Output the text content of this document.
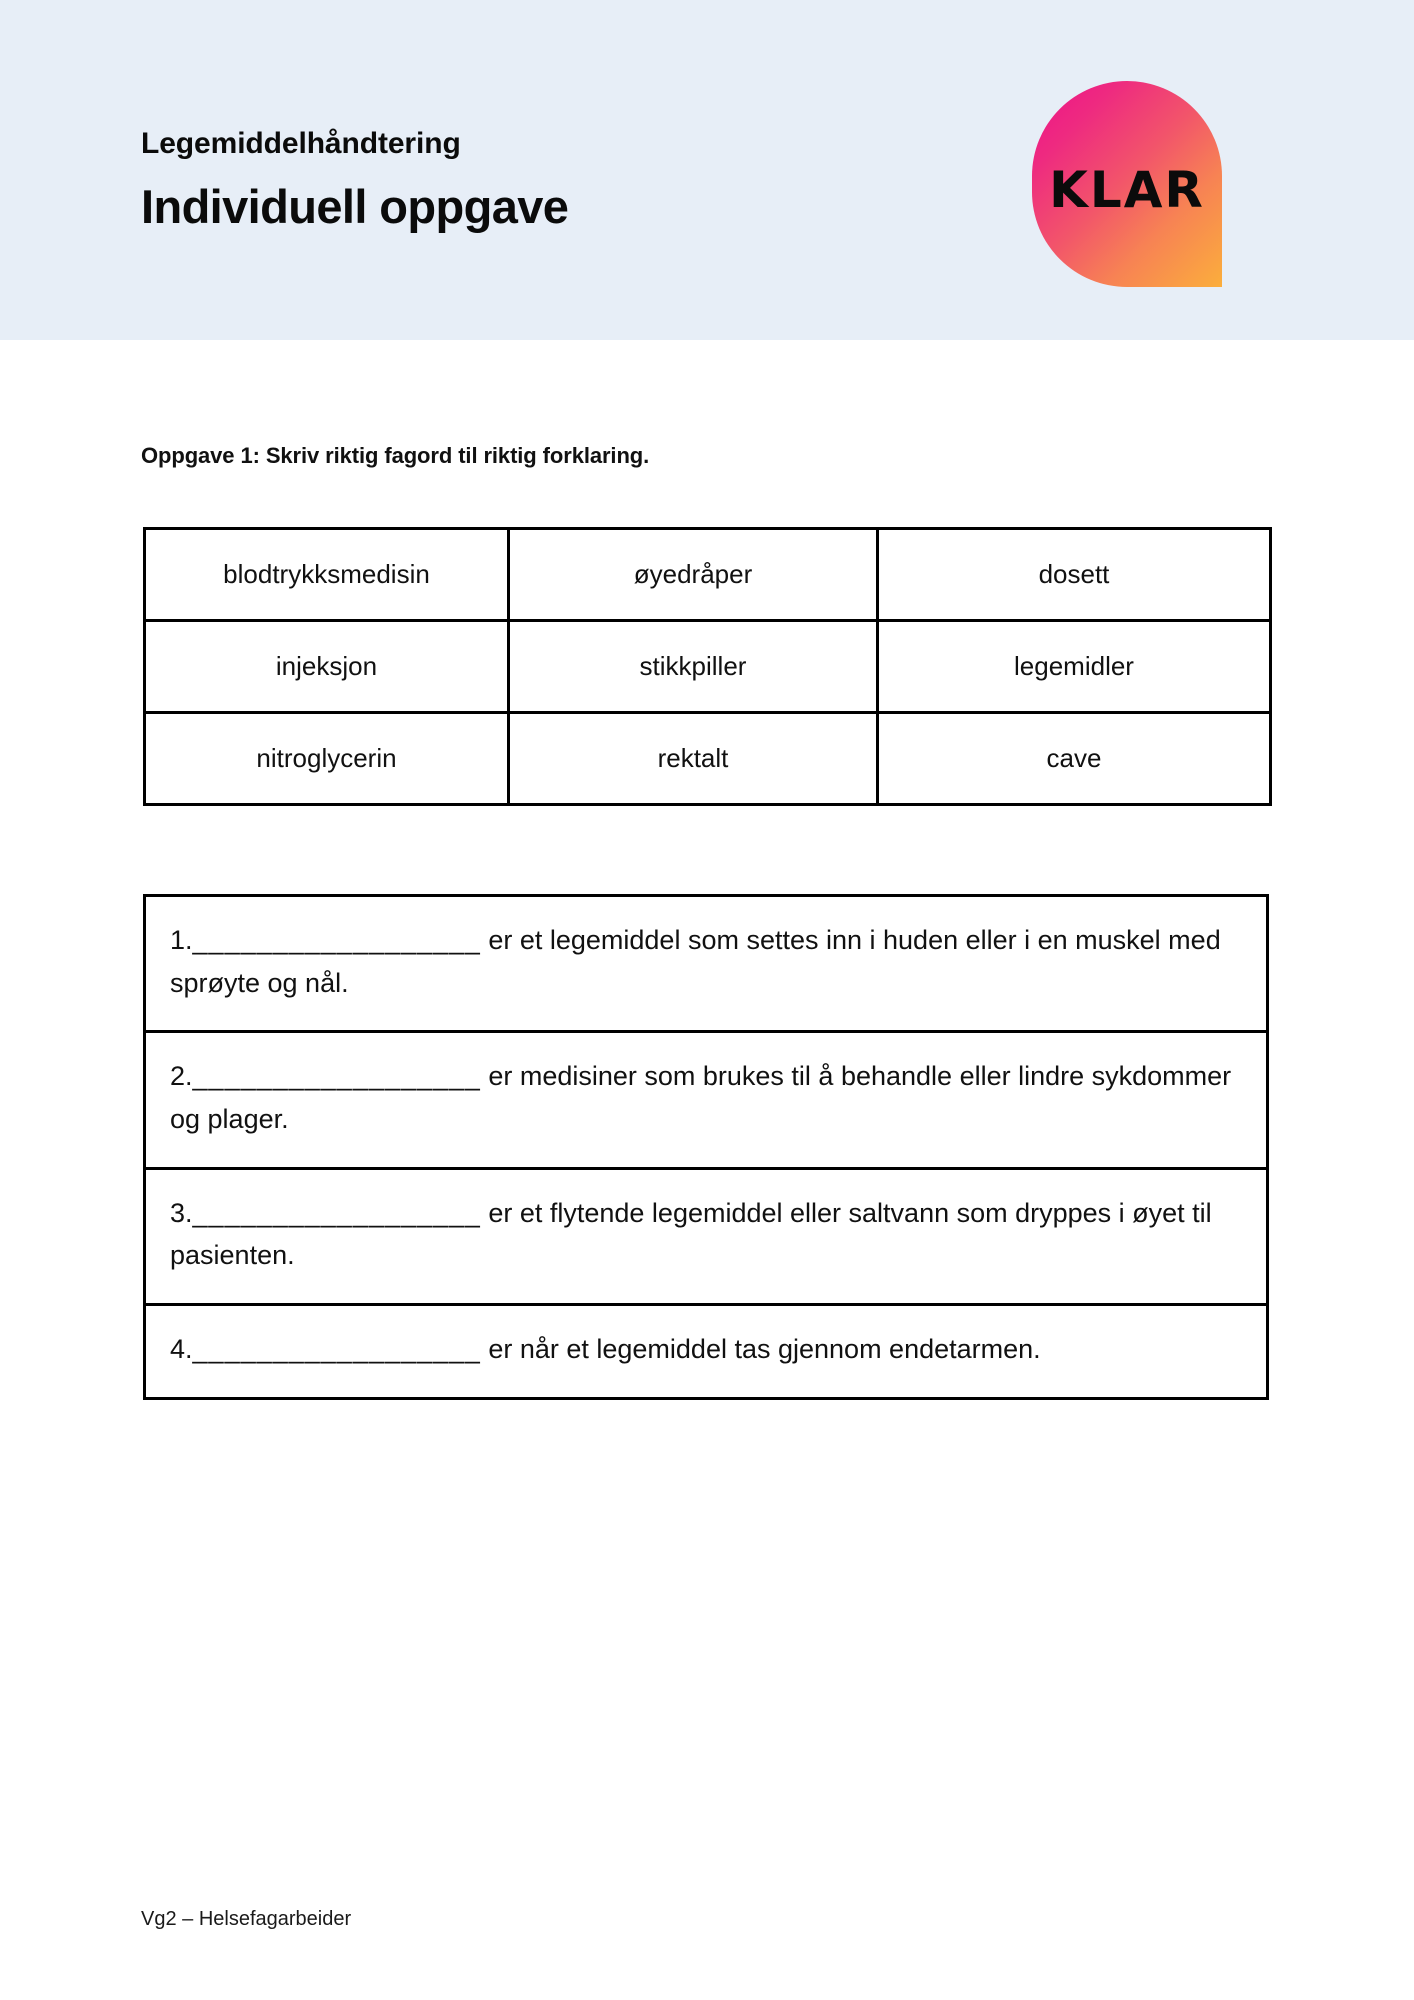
Legemiddelhåndtering
Individuell oppgave	KLAR
Oppgave 1: Skriv riktig fagord til riktig forklaring.
blodtrykksmedisin	øyedråper	dosett
injeksjon	stikkpiller	legemidler
nitroglycerin	rektalt	cave
1.__________________ er et legemiddel som settes inn i huden eller i en muskel med sprøyte og nål.
2.__________________ er medisiner som brukes til å behandle eller lindre sykdommer og plager.
3.__________________ er et flytende legemiddel eller saltvann som dryppes i øyet til pasienten.
4.__________________ er når et legemiddel tas gjennom endetarmen.
Vg2 – Helsefagarbeider
